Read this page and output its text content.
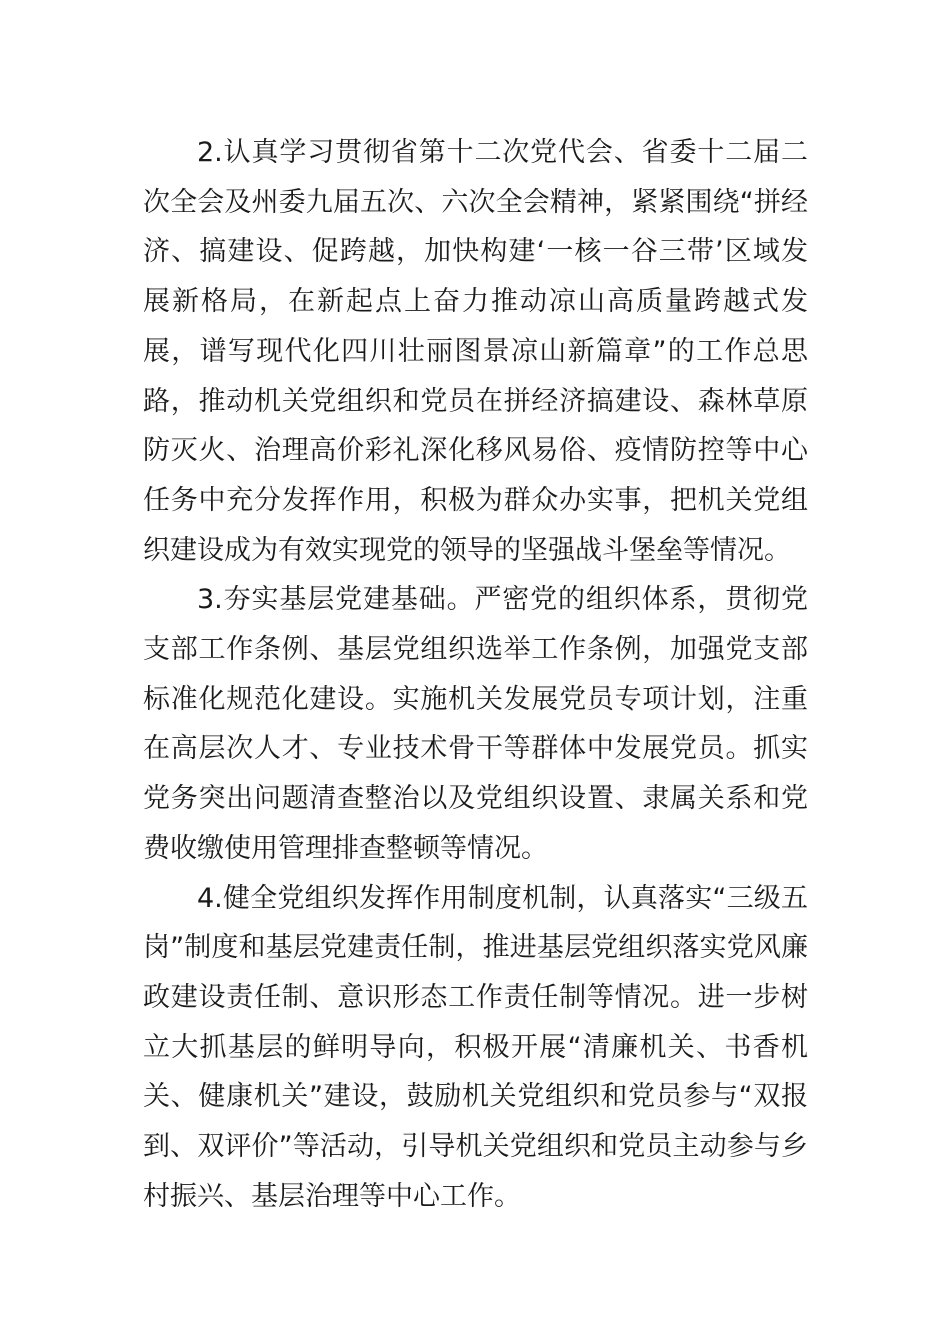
2.认真学习贯彻省第十二次党代会、省委十二届二次全会及州委九届五次、六次全会精神，紧紧围绕“拼经济、搞建设、促跨越，加快构建‘一核一谷三带’区域发展新格局，在新起点上奋力推动凉山高质量跨越式发展，谱写现代化四川壮丽图景凉山新篇章”的工作总思路，推动机关党组织和党员在拼经济搞建设、森林草原防灭火、治理高价彩礼深化移风易俗、疫情防控等中心任务中充分发挥作用，积极为群众办实事，把机关党组织建设成为有效实现党的领导的坚强战斗堡垒等情况。

3.夯实基层党建基础。严密党的组织体系，贯彻党支部工作条例、基层党组织选举工作条例，加强党支部标准化规范化建设。实施机关发展党员专项计划，注重在高层次人才、专业技术骨干等群体中发展党员。抓实党务突出问题清查整治以及党组织设置、隶属关系和党费收缴使用管理排查整顿等情况。

4.健全党组织发挥作用制度机制，认真落实“三级五岗”制度和基层党建责任制，推进基层党组织落实党风廉政建设责任制、意识形态工作责任制等情况。进一步树立大抓基层的鲜明导向，积极开展“清廉机关、书香机关、健康机关”建设，鼓励机关党组织和党员参与“双报到、双评价”等活动，引导机关党组织和党员主动参与乡村振兴、基层治理等中心工作。
